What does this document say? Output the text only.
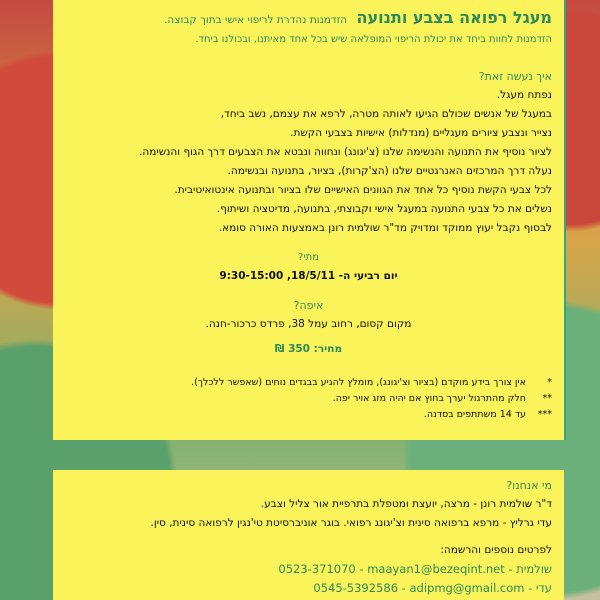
מעגל רפואה בצבע ותנועה הזדמנות נהדרת לריפוי אישי בתוך קבוצה.
הזדמנות לחוות ביחד את יכולת הריפוי המופלאה שיש בכל אחד מאיתנו, ובכולנו ביחד.
איך נעשה זאת?
נפתח מעגל.
במעגל של אנשים שכולם הגיעו לאותה מטרה, לרפא את עצמם, נשב ביחד,
נצייר ונצבע ציורים מעגליים (מנדלות) אישיות בצבעי הקשת.
לציור נוסיף את התנועה והנשימה שלנו (צ'יגונג) ונחווה ונבטא את הצבעים דרך הגוף והנשימה.
נעלה דרך המרכזים האנרגטיים שלנו (הצ'קרות), בציור, בתנועה ובנשימה.
לכל צבעי הקשת נוסיף כל אחד את הגוונים האישיים שלו בציור ובתנועה אינטואיטיבית.
נשלים את כל צבעי התנועה במעגל אישי וקבוצתי, בתנועה, מדיטציה ושיתוף.
לבסוף נקבל יעוץ ממוקד ומדויק מד"ר שולמית רונן באמצעות האורה סומא.
מתי?
יום רביעי ה- 18/5/11, 9:30-15:00
איפה?
מקום קסום, רחוב עמל 38, פרדס כרכור-חנה.
מחיר: 350 ₪
*אין צורך בידע מוקדם (בציור וצ'יגונג), מומלץ להגיע בבגדים נוחים (שאפשר ללכלך).
**חלק מהתרגול יערך בחוץ אם יהיה מזג אויר יפה.
***עד 14 משתתפים בסדנה.
מי אנחנו?
ד"ר שולמית רונן - מרצה, יועצת ומטפלת בתרפיית אור צליל וצבע.
עדי גרליץ - מרפא ברפואה סינית וצ'יגונג רפואי. בוגר אוניברסיטת טי'נגין לרפואה סינית, סין.
לפרטים נוספים והרשמה:
שולמית - 0523-371070 - maayan1@bezeqint.net
עדי - 0545-5392586 - adipmg@gmail.com
